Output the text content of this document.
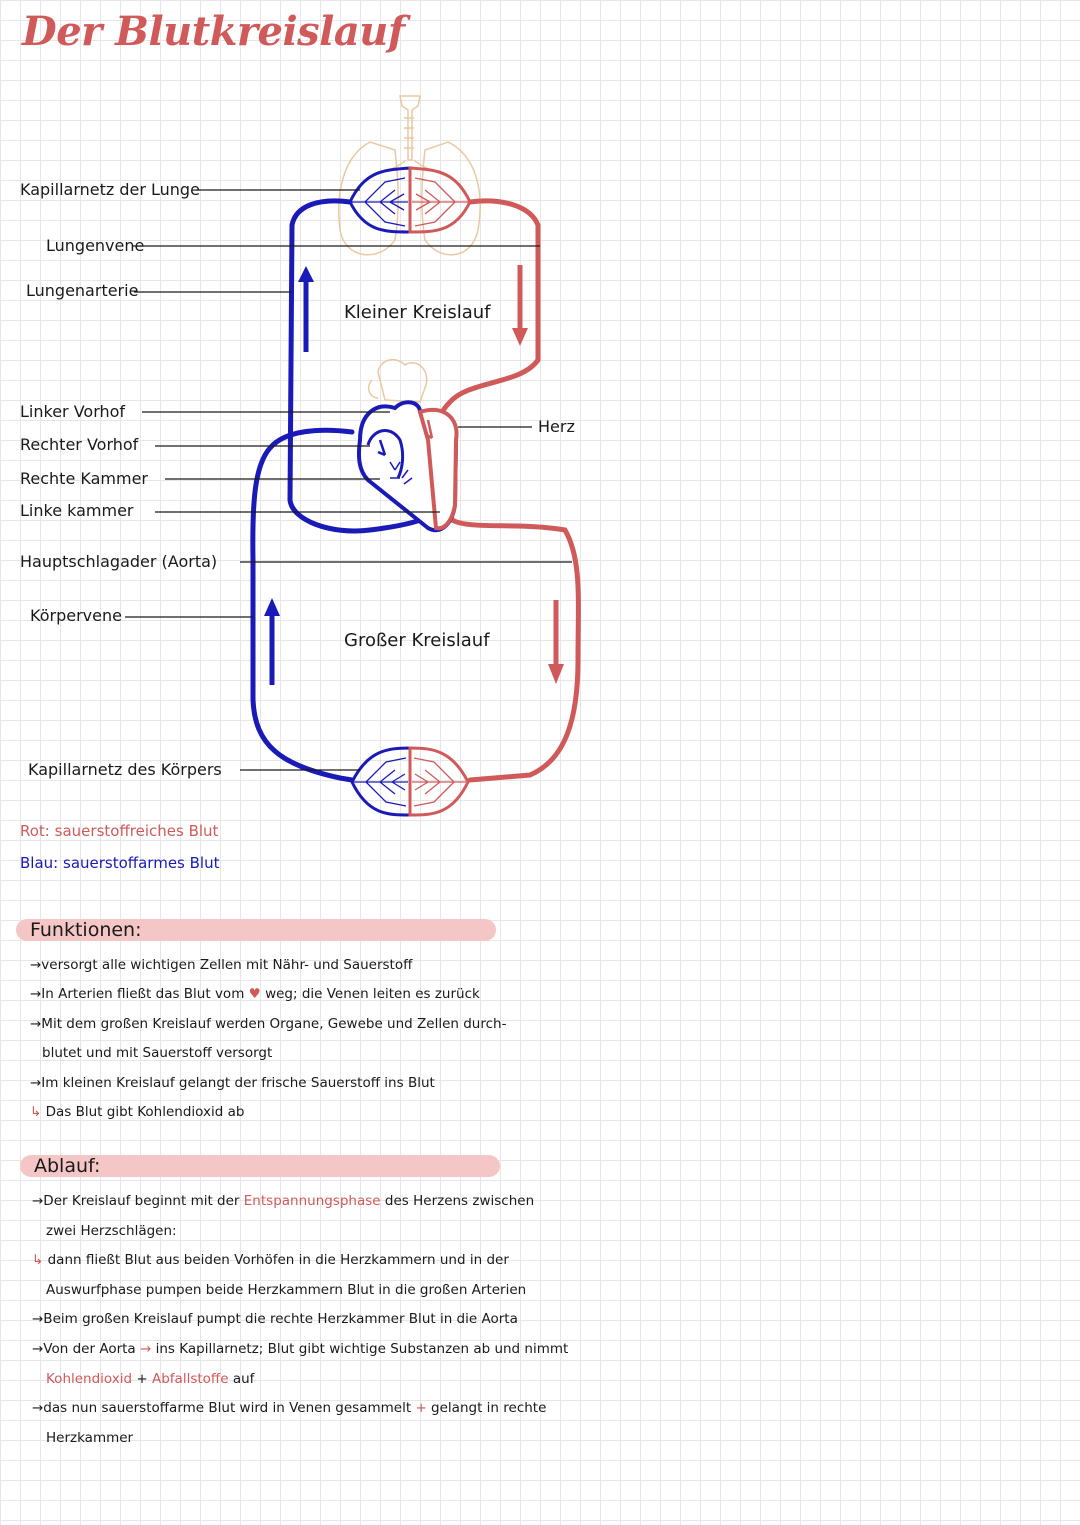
Der Blutkreislauf
Kapillarnetz der Lunge
Lungenvene
Lungenarterie
Linker Vorhof
Rechter Vorhof
Rechte Kammer
Linke kammer
Hauptschlagader (Aorta)
Körpervene
Kapillarnetz des Körpers
Herz
Kleiner Kreislauf
Großer Kreislauf
Rot: sauerstoffreiches Blut
Blau: sauerstoffarmes Blut
Funktionen:
→versorgt alle wichtigen Zellen mit Nähr- und Sauerstoff
→In Arterien fließt das Blut vom ♥ weg; die Venen leiten es zurück
→Mit dem großen Kreislauf werden Organe, Gewebe und Zellen durch-
blutet und mit Sauerstoff versorgt
→Im kleinen Kreislauf gelangt der frische Sauerstoff ins Blut
↳ Das Blut gibt Kohlendioxid ab
Ablauf:
→Der Kreislauf beginnt mit der Entspannungsphase des Herzens zwischen
zwei Herzschlägen:
↳ dann fließt Blut aus beiden Vorhöfen in die Herzkammern und in der
Auswurfphase pumpen beide Herzkammern Blut in die großen Arterien
→Beim großen Kreislauf pumpt die rechte Herzkammer Blut in die Aorta
→Von der Aorta → ins Kapillarnetz; Blut gibt wichtige Substanzen ab und nimmt
Kohlendioxid + Abfallstoffe auf
→das nun sauerstoffarme Blut wird in Venen gesammelt + gelangt in rechte
Herzkammer
